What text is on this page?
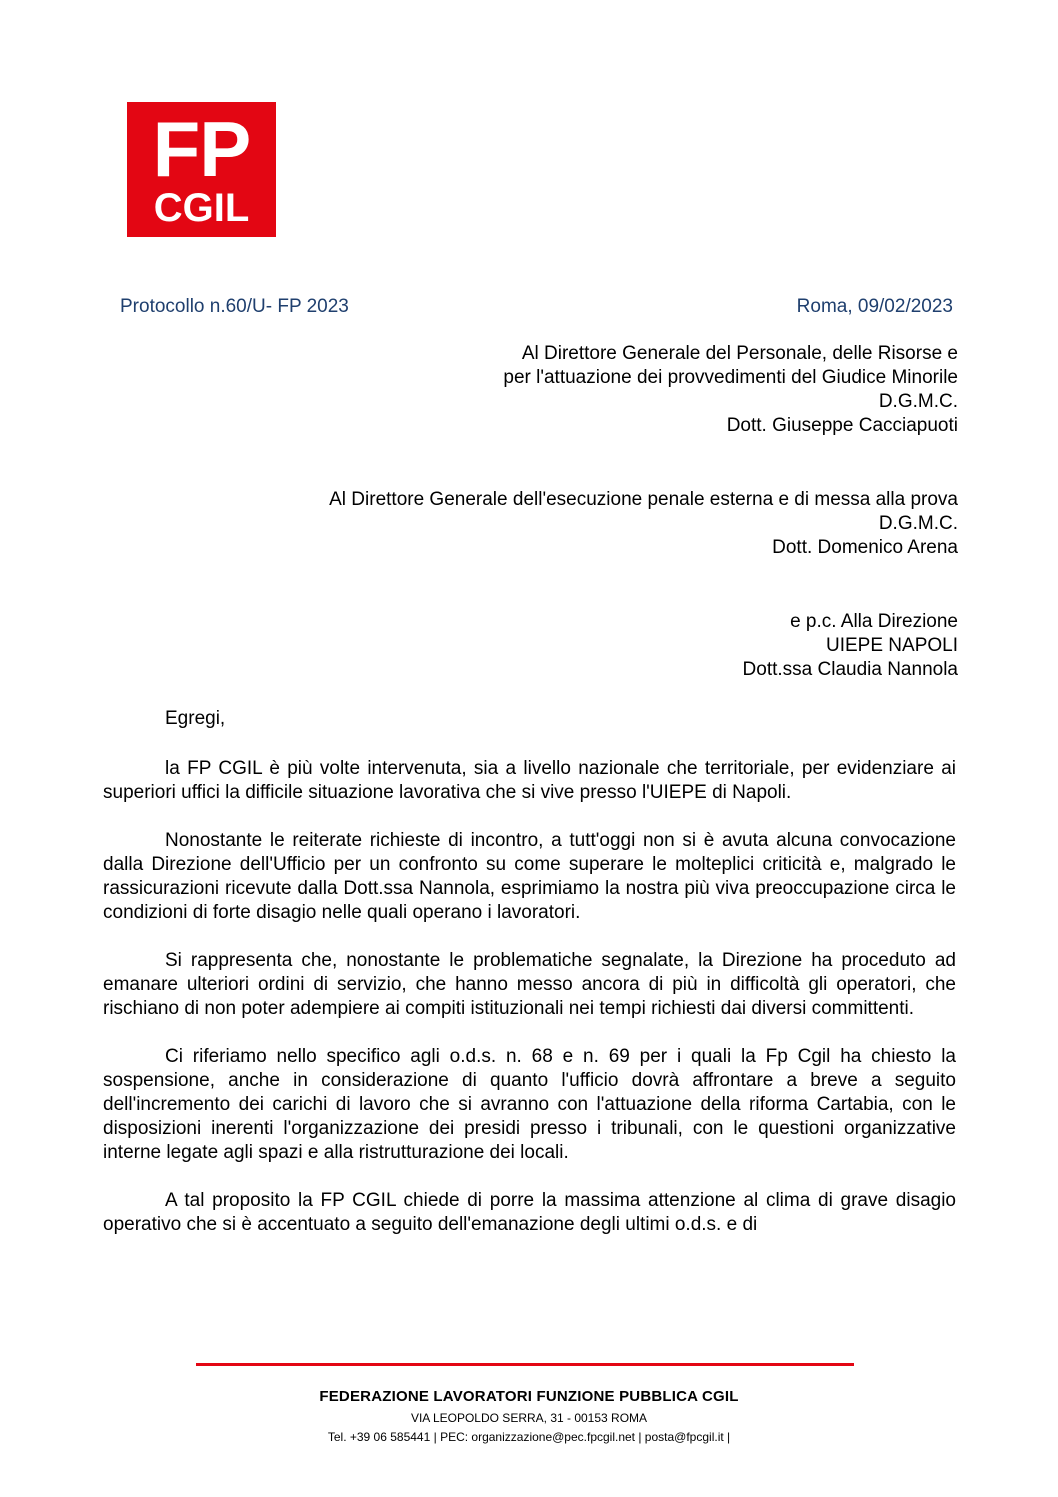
FP
CGIL
Protocollo n.60/U- FP 2023	Roma, 09/02/2023
Al Direttore Generale del Personale, delle Risorse e
per l'attuazione dei provvedimenti del Giudice Minorile
D.G.M.C.
Dott. Giuseppe Cacciapuoti
Al Direttore Generale dell'esecuzione penale esterna e di messa alla prova
D.G.M.C.
Dott. Domenico Arena
e p.c. Alla Direzione
UIEPE NAPOLI
Dott.ssa Claudia Nannola
Egregi,

la FP CGIL è più volte intervenuta, sia a livello nazionale che territoriale, per evidenziare ai superiori uffici la difficile situazione lavorativa che si vive presso l'UIEPE di Napoli.

Nonostante le reiterate richieste di incontro, a tutt'oggi non si è avuta alcuna convocazione dalla Direzione dell'Ufficio per un confronto su come superare le molteplici criticità e, malgrado le rassicurazioni ricevute dalla Dott.ssa Nannola, esprimiamo la nostra più viva preoccupazione circa le condizioni di forte disagio nelle quali operano i lavoratori.

Si rappresenta che, nonostante le problematiche segnalate, la Direzione ha proceduto ad emanare ulteriori ordini di servizio, che hanno messo ancora di più in difficoltà gli operatori, che rischiano di non poter adempiere ai compiti istituzionali nei tempi richiesti dai diversi committenti.

Ci riferiamo nello specifico agli o.d.s. n. 68 e n. 69 per i quali la Fp Cgil ha chiesto la sospensione, anche in considerazione di quanto l'ufficio dovrà affrontare a breve a seguito dell'incremento dei carichi di lavoro che si avranno con l'attuazione della riforma Cartabia, con le disposizioni inerenti l'organizzazione dei presidi presso i tribunali, con le questioni organizzative interne legate agli spazi e alla ristrutturazione dei locali.

A tal proposito la FP CGIL chiede di porre la massima attenzione al clima di grave disagio operativo che si è accentuato a seguito dell'emanazione degli ultimi o.d.s. e di

FEDERAZIONE LAVORATORI FUNZIONE PUBBLICA CGIL
VIA LEOPOLDO SERRA, 31 - 00153 ROMA
Tel. +39 06 585441 | PEC: organizzazione@pec.fpcgil.net | posta@fpcgil.it |
